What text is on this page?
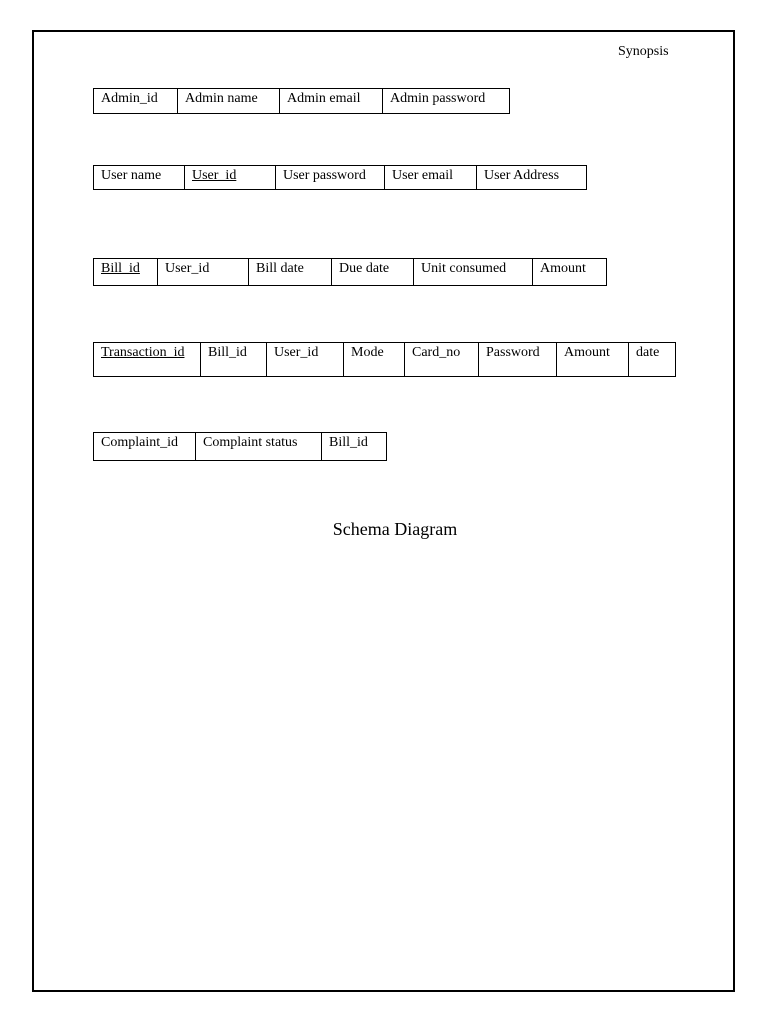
Synopsis
Admin_id	Admin name	Admin email	Admin password
User name	User_id	User password	User email	User Address
Bill_id	User_id	Bill date	Due date	Unit consumed	Amount
Transaction_id	Bill_id	User_id	Mode	Card_no	Password	Amount	date
Complaint_id	Complaint status	Bill_id
Schema Diagram
